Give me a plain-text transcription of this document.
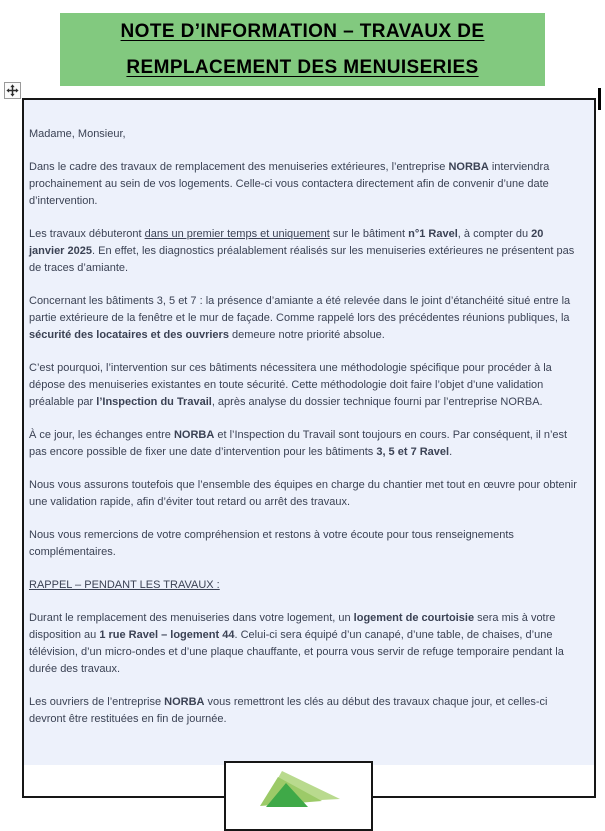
NOTE D’INFORMATION – TRAVAUX DE
REMPLACEMENT DES MENUISERIES
Madame, Monsieur,
Dans le cadre des travaux de remplacement des menuiseries extérieures, l’entreprise NORBA interviendra prochainement au sein de vos logements. Celle-ci vous contactera directement afin de convenir d’une date d’intervention.
Les travaux débuteront dans un premier temps et uniquement sur le bâtiment n°1 Ravel, à compter du 20 janvier 2025. En effet, les diagnostics préalablement réalisés sur les menuiseries extérieures ne présentent pas de traces d’amiante.
Concernant les bâtiments 3, 5 et 7 : la présence d’amiante a été relevée dans le joint d’étanchéité situé entre la partie extérieure de la fenêtre et le mur de façade. Comme rappelé lors des précédentes réunions publiques, la sécurité des locataires et des ouvriers demeure notre priorité absolue.
C’est pourquoi, l’intervention sur ces bâtiments nécessitera une méthodologie spécifique pour procéder à la dépose des menuiseries existantes en toute sécurité. Cette méthodologie doit faire l’objet d’une validation préalable par l’Inspection du Travail, après analyse du dossier technique fourni par l’entreprise NORBA.
À ce jour, les échanges entre NORBA et l’Inspection du Travail sont toujours en cours. Par conséquent, il n’est pas encore possible de fixer une date d’intervention pour les bâtiments 3, 5 et 7 Ravel.
Nous vous assurons toutefois que l’ensemble des équipes en charge du chantier met tout en œuvre pour obtenir une validation rapide, afin d’éviter tout retard ou arrêt des travaux.
Nous vous remercions de votre compréhension et restons à votre écoute pour tous renseignements complémentaires.
RAPPEL – PENDANT LES TRAVAUX :
Durant le remplacement des menuiseries dans votre logement, un logement de courtoisie sera mis à votre disposition au 1 rue Ravel – logement 44. Celui-ci sera équipé d’un canapé, d’une table, de chaises, d’une télévision, d’un micro-ondes et d’une plaque chauffante, et pourra vous servir de refuge temporaire pendant la durée des travaux.
Les ouvriers de l’entreprise NORBA vous remettront les clés au début des travaux chaque jour, et celles-ci devront être restituées en fin de journée.
